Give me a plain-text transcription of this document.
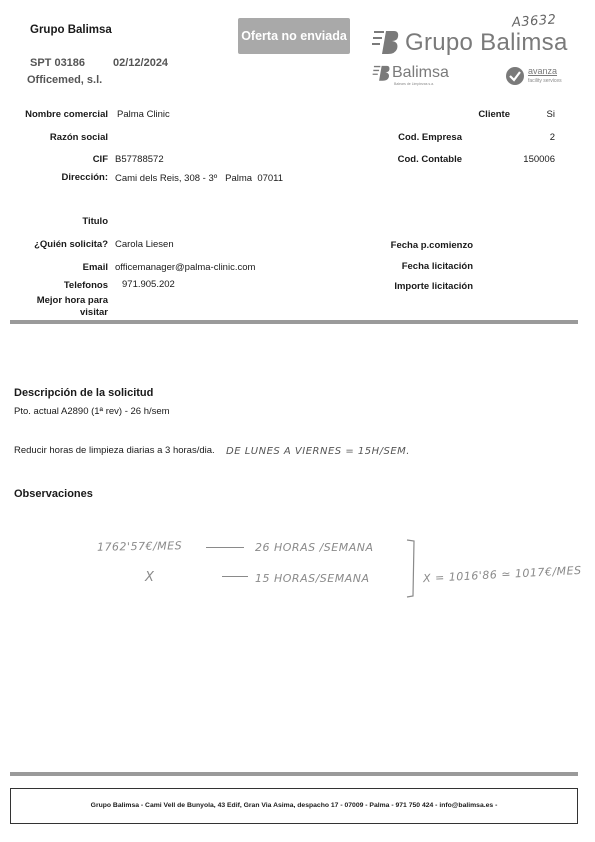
Grupo Balimsa
SPT 03186	02/12/2024
Officemed, s.l.
Oferta no enviada Grupo Balimsa
A3632
Balimsa
Balears de Limpiezas s.a.
avanza
facility services
Nombre comercial Palma Clinic	Cliente	Si
Razón social	Cod. Empresa	2
CIF B57788572	Cod. Contable	150006
Dirección: Cami dels Reis, 308 - 3º   Palma  07011
Titulo
¿Quién solicita? Carola Liesen	Fecha p.comienzo
Email officemanager@palma-clinic.com	Fecha licitación
Telefonos 971.905.202	Importe licitación
Mejor hora para
visitar
Descripción de la solicitud
Pto. actual A2890 (1ª rev) - 26 h/sem
Reducir horas de limpieza diarias a 3 horas/dia. DE LUNES A VIERNES = 15H/SEM.
Observaciones
1762'57€/MES	26 HORAS /SEMANA
X	15 HORAS/SEMANA	X = 1016'86 ≃ 1017€/MES
Grupo Balimsa - Cami Vell de Bunyola, 43 Edif, Gran Via Asima, despacho 17 - 07009 - Palma - 971 750 424 - info@balimsa.es -
